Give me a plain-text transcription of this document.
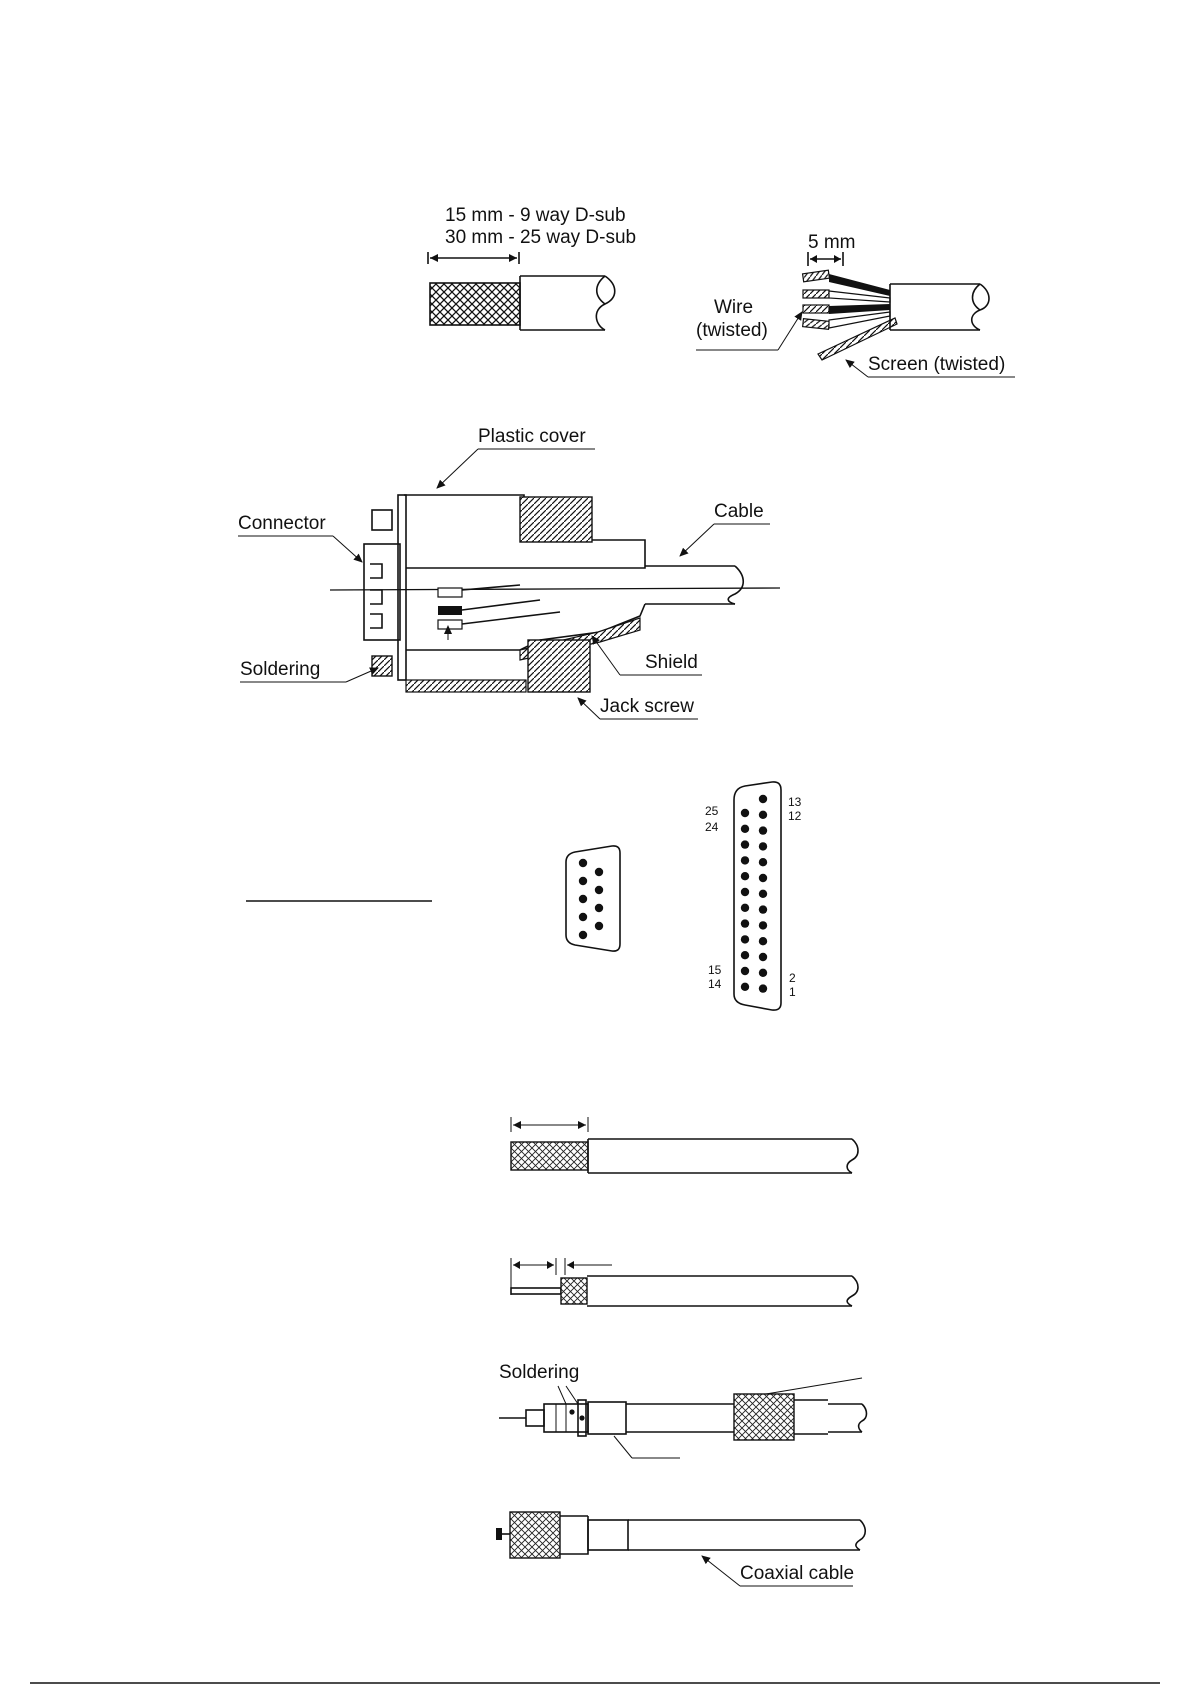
15 mm - 9 way D-sub
30 mm - 25 way D-sub	5 mm
Wire
(twisted)
Screen (twisted)
Plastic cover
Connector
Cable
Soldering	Shield
Jack screw
25
24
13
12
15
14	2
1
Soldering
Coaxial cable
